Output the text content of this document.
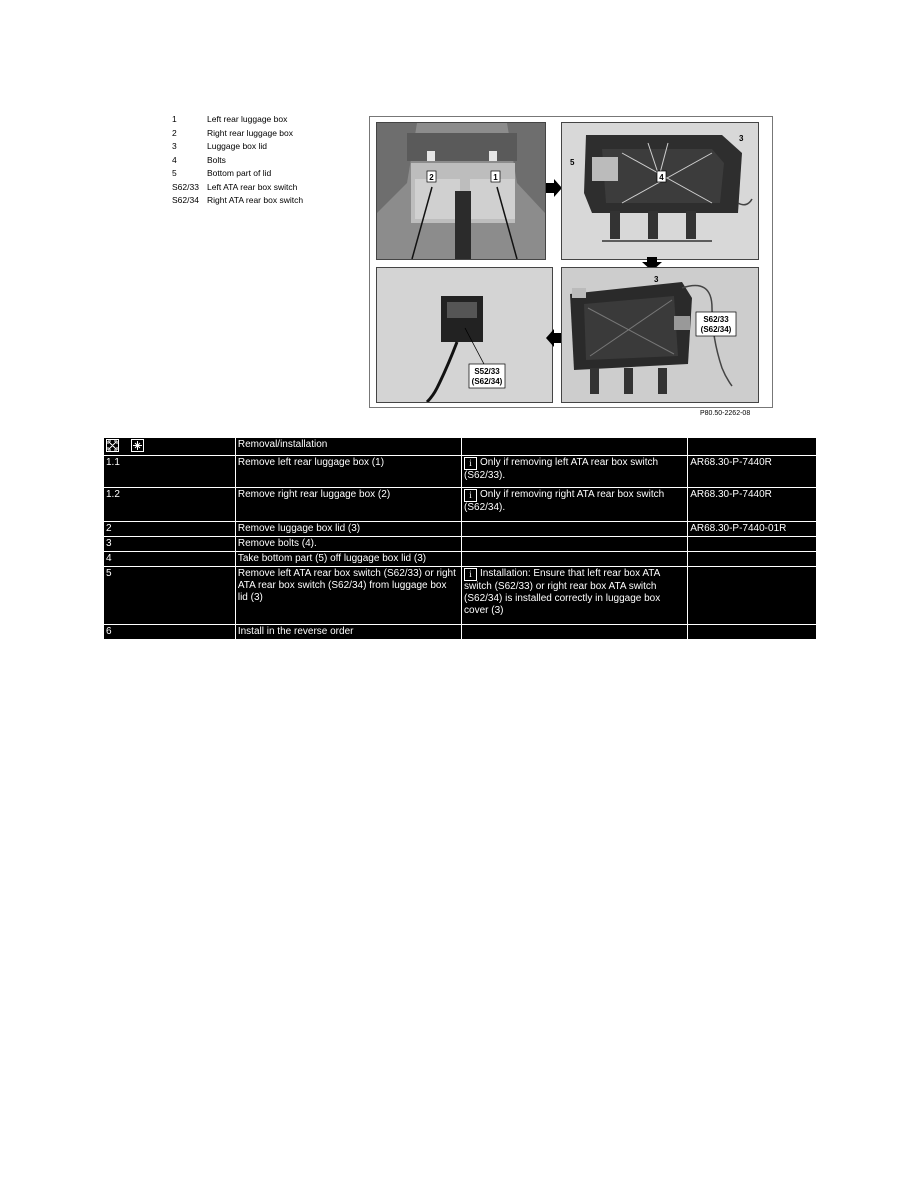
1	Left rear luggage box
2	Right rear luggage box
3	Luggage box lid
4	Bolts
5	Bottom part of lid
S62/33 Left ATA rear box switch
S62/34 Right ATA rear box switch
2	1
3
5
4
S52/33
(S62/34)
3
S62/33
(S62/34)
P80.50-2262-08

	Removal/installation		
1.1	Remove left rear luggage box (1)	i Only if removing left ATA rear box switch (S62/33).	AR68.30-P-7440R
1.2	Remove right rear luggage box (2)	i Only if removing right ATA rear box switch (S62/34).	AR68.30-P-7440R
2	Remove luggage box lid (3)		AR68.30-P-7440-01R
3	Remove bolts (4).		
4	Take bottom part (5) off luggage box lid (3)		
5	Remove left ATA rear box switch (S62/33) or right ATA rear box switch (S62/34) from luggage box lid (3)	i Installation: Ensure that left rear box ATA switch (S62/33) or right rear box ATA switch (S62/34) is installed correctly in luggage box cover (3)	
6	Install in the reverse order		
